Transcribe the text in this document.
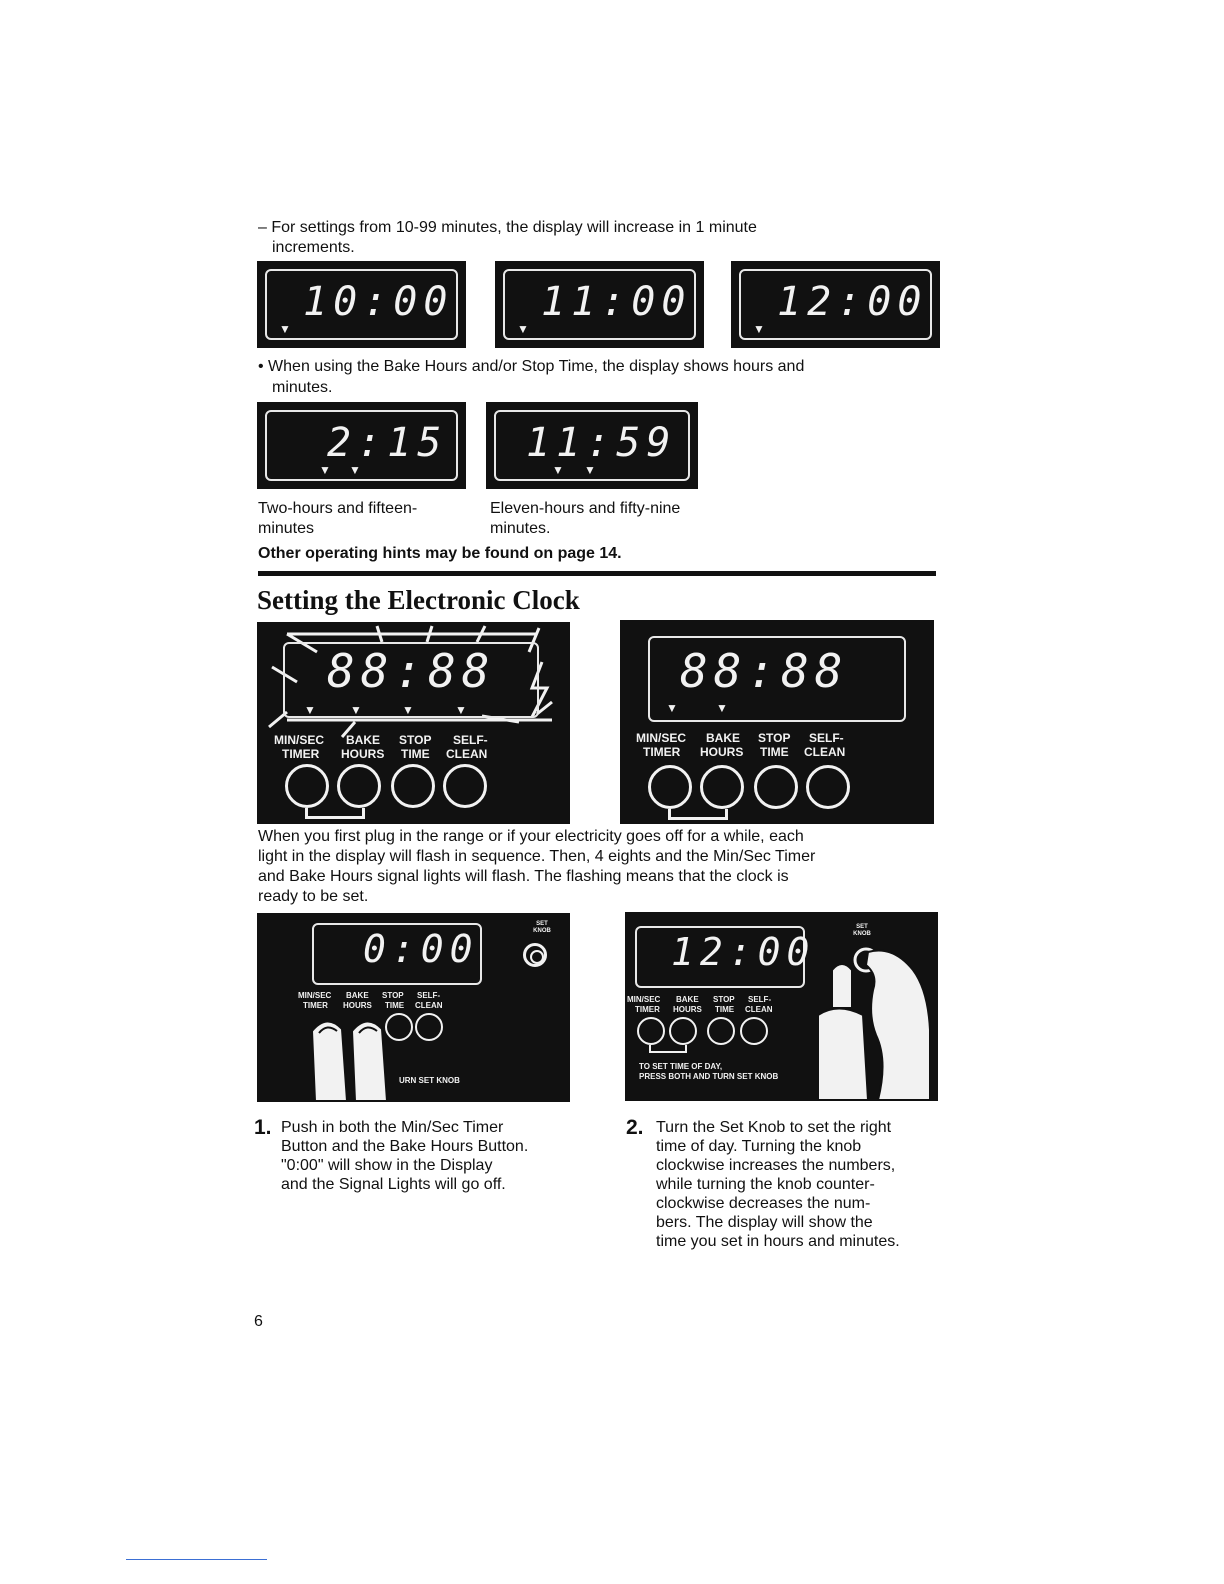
– For settings from 10-99 minutes, the display will increase in 1 minute
increments.
10:00
▼
11:00
▼
12:00
▼
• When using the Bake Hours and/or Stop Time, the display shows hours and
minutes.
2:15
▼ ▼
11:59
▼ ▼
Two-hours and fifteen-
minutes
Eleven-hours and fifty-nine
minutes.
Other operating hints may be found on page 14.
Setting the Electronic Clock
88:88
▼	▼	▼	▼
MIN/SEC
TIMER
BAKE
HOURS
STOP
TIME
SELF-
CLEAN
88:88
▼	▼
MIN/SEC
TIMER
BAKE
HOURS
STOP
TIME
SELF-
CLEAN
When you first plug in the range or if your electricity goes off for a while, each
light in the display will flash in sequence. Then, 4 eights and the Min/Sec Timer
and Bake Hours signal lights will flash. The flashing means that the clock is
ready to be set.
0:00
SET KNOB
MIN/SEC
TIMER
BAKE
HOURS
STOP
TIME
SELF-
CLEAN
URN SET KNOB
12:00
SET KNOB
MIN/SEC
TIMER
BAKE
HOURS
STOP
TIME
SELF-
CLEAN
TO SET TIME OF DAY,
PRESS BOTH AND TURN SET KNOB
1. Push in both the Min/Sec Timer
Button and the Bake Hours Button.
"0:00" will show in the Display
and the Signal Lights will go off.
2. Turn the Set Knob to set the right
time of day. Turning the knob
clockwise increases the numbers,
while turning the knob counter-
clockwise decreases the num-
bers. The display will show the
time you set in hours and minutes.
6
